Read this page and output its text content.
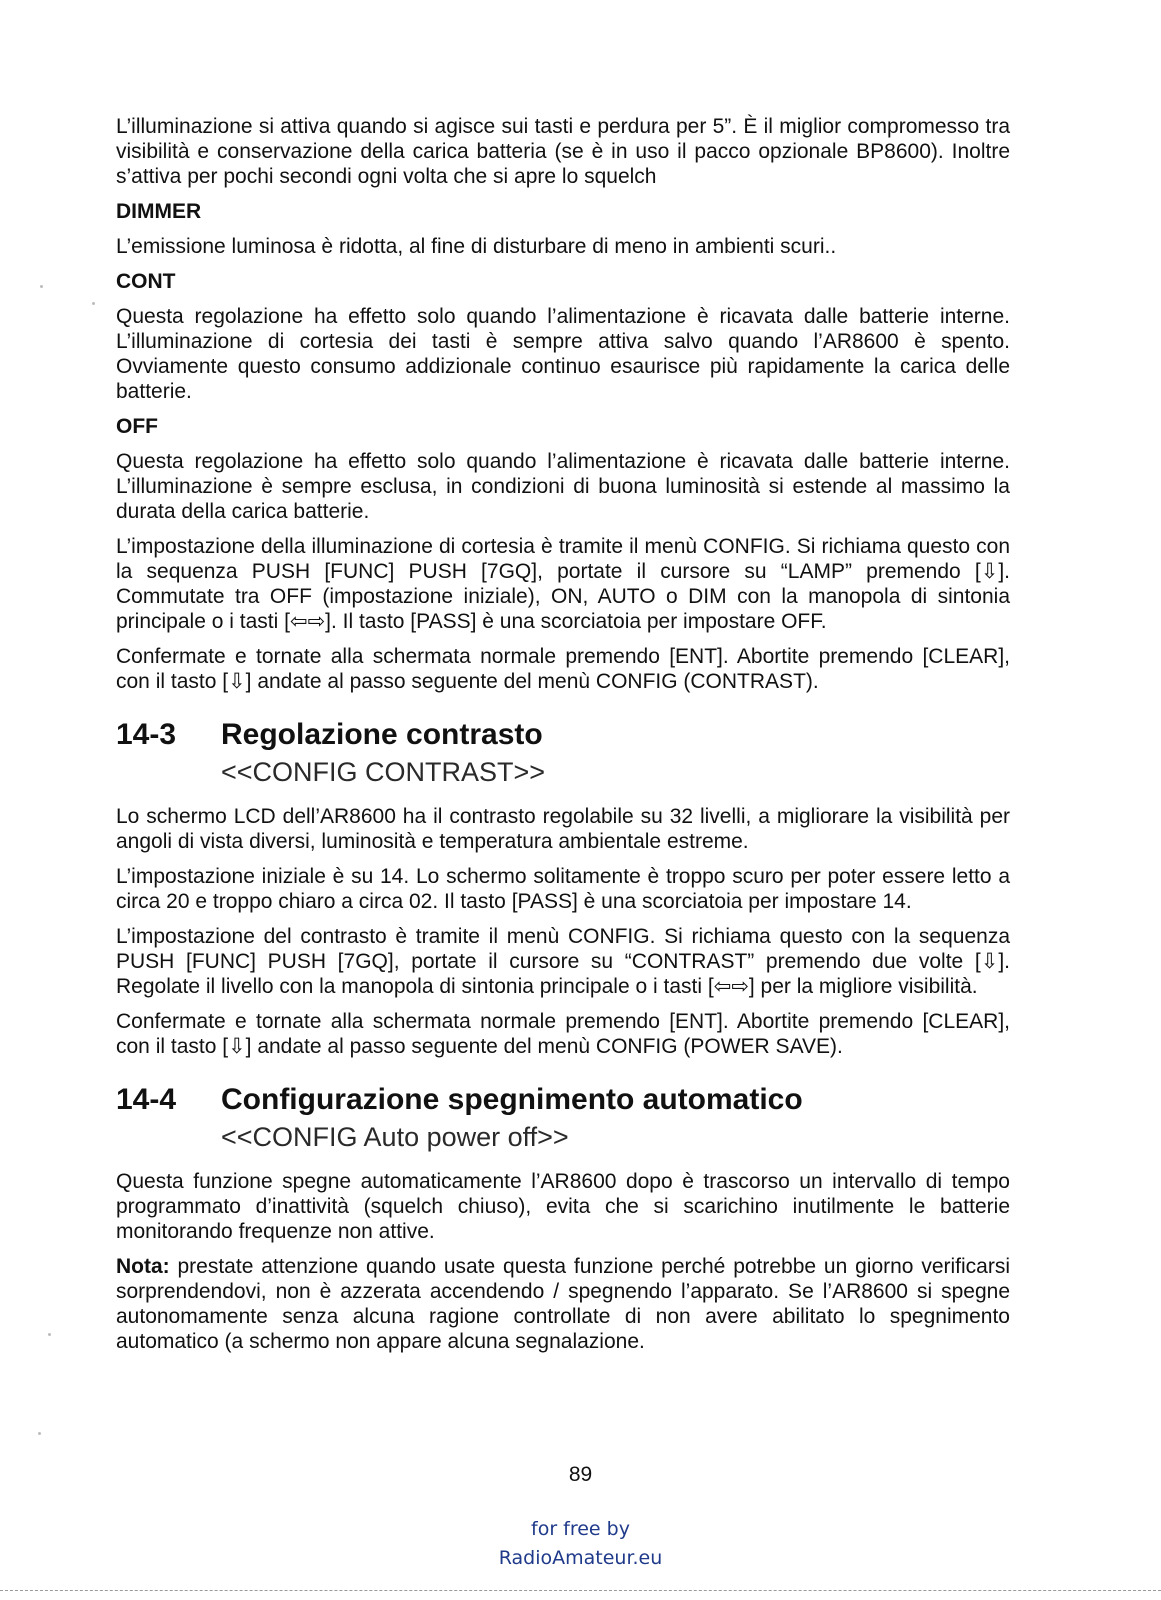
L’illuminazione si attiva quando si agisce sui tasti e perdura per 5”. È il miglior compromesso tra visibilità e conservazione della carica batteria (se è in uso il pacco opzionale BP8600). Inoltre s’attiva per pochi secondi ogni volta che si apre lo squelch

DIMMER

L’emissione luminosa è ridotta, al fine di disturbare di meno in ambienti scuri..

CONT

Questa regolazione ha effetto solo quando l’alimentazione è ricavata dalle batterie interne. L’illuminazione di cortesia dei tasti è sempre attiva salvo quando l’AR8600 è spento. Ovviamente questo consumo addizionale continuo esaurisce più rapidamente la carica delle batterie.

OFF

Questa regolazione ha effetto solo quando l’alimentazione è ricavata dalle batterie interne. L’illuminazione è sempre esclusa, in condizioni di buona luminosità si estende al massimo la durata della carica batterie.

L’impostazione della illuminazione di cortesia è tramite il menù CONFIG. Si richiama questo con la sequenza PUSH [FUNC] PUSH [7GQ], portate il cursore su “LAMP” premendo [⇩]. Commutate tra OFF (impostazione iniziale), ON, AUTO o DIM con la manopola di sintonia principale o i tasti [⇦⇨]. Il tasto [PASS] è una scorciatoia per impostare OFF.

Confermate e tornate alla schermata normale premendo [ENT]. Abortite premendo [CLEAR], con il tasto [⇩] andate al passo seguente del menù CONFIG (CONTRAST).

14-3 Regolazione contrasto
<<CONFIG CONTRAST>>

Lo schermo LCD dell’AR8600 ha il contrasto regolabile su 32 livelli, a migliorare la visibilità per angoli di vista diversi, luminosità e temperatura ambientale estreme.

L’impostazione iniziale è su 14. Lo schermo solitamente è troppo scuro per poter essere letto a circa 20 e troppo chiaro a circa 02. Il tasto [PASS] è una scorciatoia per impostare 14.

L’impostazione del contrasto è tramite il menù CONFIG. Si richiama questo con la sequenza PUSH [FUNC] PUSH [7GQ], portate il cursore su “CONTRAST” premendo due volte [⇩]. Regolate il livello con la manopola di sintonia principale o i tasti [⇦⇨] per la migliore visibilità.

Confermate e tornate alla schermata normale premendo [ENT]. Abortite premendo [CLEAR], con il tasto [⇩] andate al passo seguente del menù CONFIG (POWER SAVE).

14-4 Configurazione spegnimento automatico
<<CONFIG Auto power off>>

Questa funzione spegne automaticamente l’AR8600 dopo è trascorso un intervallo di tempo programmato d’inattività (squelch chiuso), evita che si scarichino inutilmente le batterie monitorando frequenze non attive.

Nota: prestate attenzione quando usate questa funzione perché potrebbe un giorno verificarsi sorprendendovi, non è azzerata accendendo / spegnendo l’apparato. Se l’AR8600 si spegne autonomamente senza alcuna ragione controllate di non avere abilitato lo spegnimento automatico (a schermo non appare alcuna segnalazione.

89
for free by
RadioAmateur.eu
